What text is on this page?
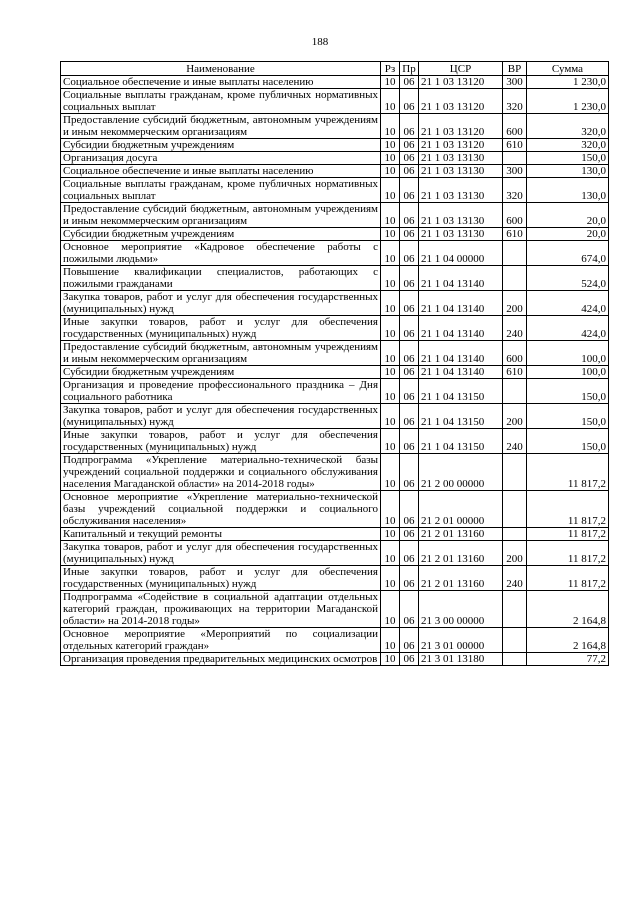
188
Наименование	Рз	Пр	ЦСР	ВР	Сумма
Социальное обеспечение и иные выплаты населению	10	06	21 1 03 13120	300	1 230,0
Социальные выплаты гражданам, кроме публичных нормативных социальных выплат	10	06	21 1 03 13120	320	1 230,0
Предоставление субсидий бюджетным, автономным учреждениям и иным некоммерческим организациям	10	06	21 1 03 13120	600	320,0
Субсидии бюджетным учреждениям	10	06	21 1 03 13120	610	320,0
Организация досуга	10	06	21 1 03 13130		150,0
Социальное обеспечение и иные выплаты населению	10	06	21 1 03 13130	300	130,0
Социальные выплаты гражданам, кроме публичных нормативных социальных выплат	10	06	21 1 03 13130	320	130,0
Предоставление субсидий бюджетным, автономным учреждениям и иным некоммерческим организациям	10	06	21 1 03 13130	600	20,0
Субсидии бюджетным учреждениям	10	06	21 1 03 13130	610	20,0
Основное мероприятие «Кадровое обеспечение работы с пожилыми людьми»	10	06	21 1 04 00000		674,0
Повышение квалификации специалистов, работающих с пожилыми гражданами	10	06	21 1 04 13140		524,0
Закупка товаров, работ и услуг для обеспечения государственных (муниципальных) нужд	10	06	21 1 04 13140	200	424,0
Иные закупки товаров, работ и услуг для обеспечения государственных (муниципальных) нужд	10	06	21 1 04 13140	240	424,0
Предоставление субсидий бюджетным, автономным учреждениям и иным некоммерческим организациям	10	06	21 1 04 13140	600	100,0
Субсидии бюджетным учреждениям	10	06	21 1 04 13140	610	100,0
Организация и проведение профессионального праздника – Дня социального работника	10	06	21 1 04 13150		150,0
Закупка товаров, работ и услуг для обеспечения государственных (муниципальных) нужд	10	06	21 1 04 13150	200	150,0
Иные закупки товаров, работ и услуг для обеспечения государственных (муниципальных) нужд	10	06	21 1 04 13150	240	150,0
Подпрограмма «Укрепление материально-технической базы учреждений социальной поддержки и социального обслуживания населения Магаданской области» на 2014-2018 годы»	10	06	21 2 00 00000		11 817,2
Основное мероприятие «Укрепление материально-технической базы учреждений социальной поддержки и социального обслуживания населения»	10	06	21 2 01 00000		11 817,2
Капитальный и текущий ремонты	10	06	21 2 01 13160		11 817,2
Закупка товаров, работ и услуг для обеспечения государственных (муниципальных) нужд	10	06	21 2 01 13160	200	11 817,2
Иные закупки товаров, работ и услуг для обеспечения государственных (муниципальных) нужд	10	06	21 2 01 13160	240	11 817,2
Подпрограмма «Содействие в социальной адаптации отдельных категорий граждан, проживающих на территории Магаданской области» на 2014-2018 годы»	10	06	21 3 00 00000		2 164,8
Основное мероприятие «Мероприятий по социализации отдельных категорий граждан»	10	06	21 3 01 00000		2 164,8
Организация проведения предварительных медицинских осмотров	10	06	21 3 01 13180		77,2
